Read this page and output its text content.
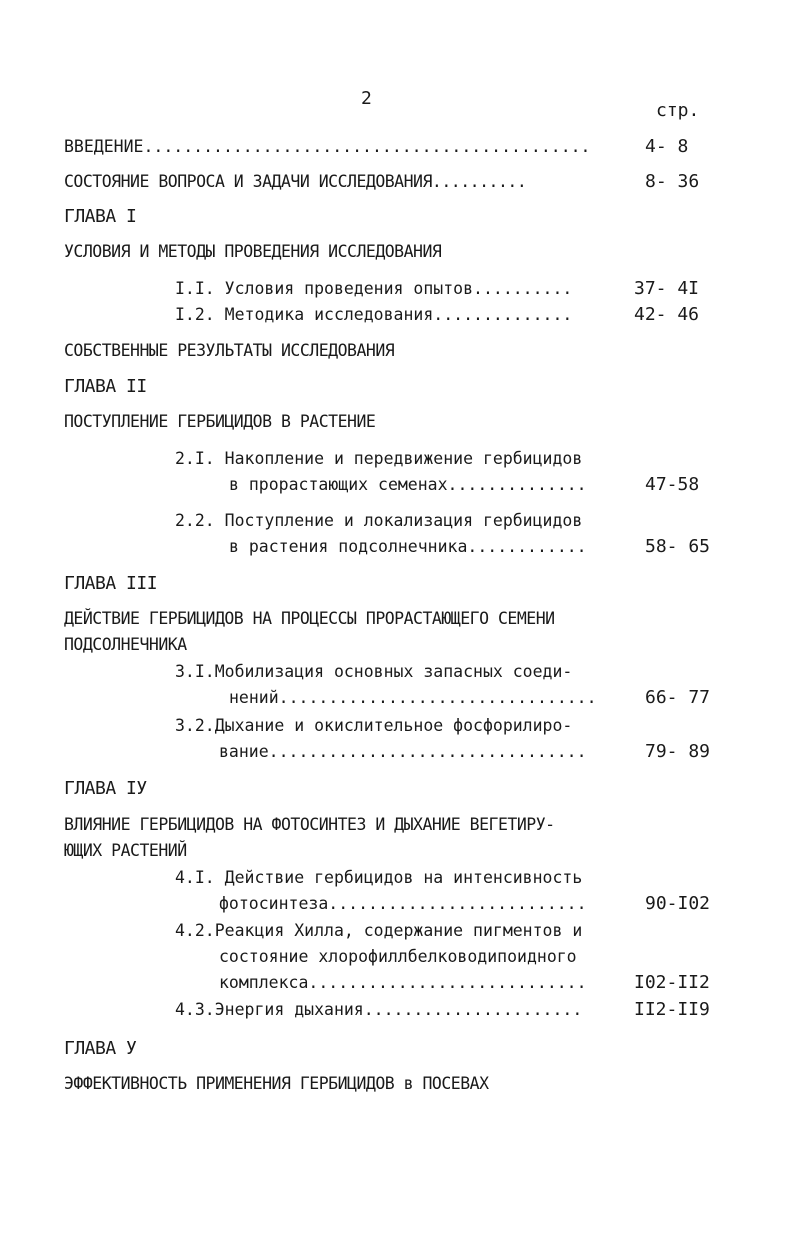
2
стр.
ВВЕДЕНИЕ.............................................	4- 8
СОСТОЯНИЕ ВОПРОСА И ЗАДАЧИ ИССЛЕДОВАНИЯ..........	8- 36
ГЛАВА I
УСЛОВИЯ И МЕТОДЫ ПРОВЕДЕНИЯ ИССЛЕДОВАНИЯ
I.I. Условия проведения опытов..........	37- 4I
I.2. Методика исследования..............	42- 46
СОБСТВЕННЫЕ РЕЗУЛЬТАТЫ ИССЛЕДОВАНИЯ
ГЛАВА II
ПОСТУПЛЕНИЕ ГЕРБИЦИДОВ В РАСТЕНИЕ
2.I. Накопление и передвижение гербицидов
в прорастающих семенах..............	47-58
2.2. Поступление и локализация гербицидов
в растения подсолнечника............	58- 65
ГЛАВА III
ДЕЙСТВИЕ ГЕРБИЦИДОВ НА ПРОЦЕССЫ ПРОРАСТАЮЩЕГО СЕМЕНИ
ПОДСОЛНЕЧНИКА
3.I.Мобилизация основных запасных соеди-
нений................................	66- 77
3.2.Дыхание и окислительное фосфорилиро-
вание................................	79- 89
ГЛАВА IУ
ВЛИЯНИЕ ГЕРБИЦИДОВ НА ФОТОСИНТЕЗ И ДЫХАНИЕ ВЕГЕТИРУ-
ЮЩИХ РАСТЕНИЙ
4.I. Действие гербицидов на интенсивность
фотосинтеза..........................	90-I02
4.2.Реакция Хилла, содержание пигментов и
состояние хлорофиллбелководипоидного
комплекса............................	I02-II2
4.3.Энергия дыхания......................	II2-II9
ГЛАВА У
ЭФФЕКТИВНОСТЬ ПРИМЕНЕНИЯ ГЕРБИЦИДОВ в ПОСЕВАХ
